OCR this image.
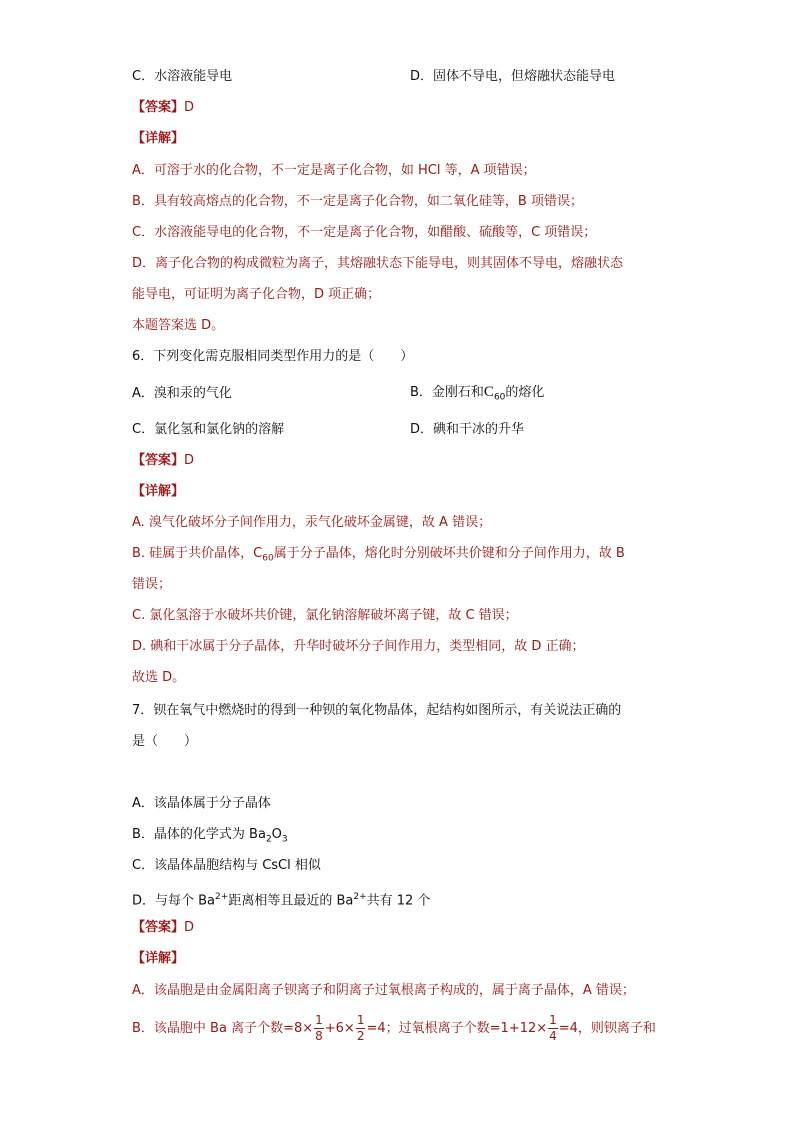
C．水溶液能导电	D．固体不导电，但熔融状态能导电
【答案】D
【详解】
A．可溶于水的化合物，不一定是离子化合物，如 HCl 等，A 项错误；
B．具有较高熔点的化合物，不一定是离子化合物，如二氧化硅等，B 项错误；
C．水溶液能导电的化合物，不一定是离子化合物，如醋酸、硫酸等，C 项错误；
D．离子化合物的构成微粒为离子，其熔融状态下能导电，则其固体不导电，熔融状态
能导电，可证明为离子化合物，D 项正确；
本题答案选 D。
6．下列变化需克服相同类型作用力的是（　　）
A．溴和汞的气化	B．金刚石和$C_{60}$的熔化
C．氯化氢和氯化钠的溶解	D．碘和干冰的升华
【答案】D
【详解】
A. 溴气化破坏分子间作用力，汞气化破坏金属键，故 A 错误；
B. 硅属于共价晶体，$C_{60}$属于分子晶体，熔化时分别破坏共价键和分子间作用力，故 B
错误；
C. 氯化氢溶于水破坏共价键，氯化钠溶解破坏离子键，故 C 错误；
D. 碘和干冰属于分子晶体，升华时破坏分子间作用力，类型相同，故 D 正确；
故选 D。
7．钡在氧气中燃烧时的得到一种钡的氧化物晶体，起结构如图所示，有关说法正确的
是（　　）
A．该晶体属于分子晶体
B．晶体的化学式为 $Ba_2O_3$
C．该晶体晶胞结构与 CsCl 相似
D．与每个 $Ba^{2+}$距离相等且最近的 $Ba^{2+}$共有 12 个
【答案】D
【详解】
A．该晶胞是由金属阳离子钡离子和阴离子过氧根离子构成的，属于离子晶体，A 错误；
B．该晶胞中 Ba 离子个数$=8\times \frac{1}{8} +6\times \frac{1}{2} =4$；过氧根离子个数$=1+12\times \frac{1}{4} =4$，则钡离子和
